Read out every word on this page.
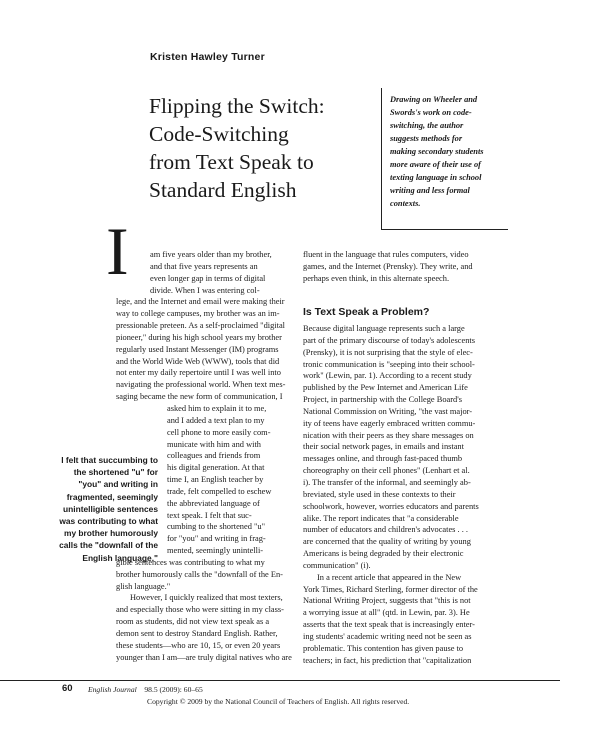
Kristen Hawley Turner
Flipping the Switch:
Code-Switching
from Text Speak to
Standard English
Drawing on Wheeler and
Swords's work on code-
switching, the author
suggests methods for
making secondary students
more aware of their use of
texting language in school
writing and less formal
contexts.
I	am five years older than my brother,
and that five years represents an
even longer gap in terms of digital
divide. When I was entering col-
lege, and the Internet and email were making their
way to college campuses, my brother was an im-
pressionable preteen. As a self-proclaimed "digital
pioneer," during his high school years my brother
regularly used Instant Messenger (IM) programs
and the World Wide Web (WWW), tools that did
not enter my daily repertoire until I was well into
navigating the professional world. When text mes-
saging became the new form of communication, I
asked him to explain it to me,
and I added a text plan to my
cell phone to more easily com-
municate with him and with
colleagues and friends from
his digital generation. At that
time I, an English teacher by
trade, felt compelled to eschew
the abbreviated language of
text speak. I felt that suc-
cumbing to the shortened "u"
for "you" and writing in frag-
mented, seemingly unintelli-
gible sentences was contributing to what my
brother humorously calls the "downfall of the En-
glish language."
However, I quickly realized that most texters,
and especially those who were sitting in my class-
room as students, did not view text speak as a
demon sent to destroy Standard English. Rather,
these students—who are 10, 15, or even 20 years
younger than I am—are truly digital natives who are
fluent in the language that rules computers, video
games, and the Internet (Prensky). They write, and
perhaps even think, in this alternate speech.
Is Text Speak a Problem?
Because digital language represents such a large
part of the primary discourse of today's adolescents
(Prensky), it is not surprising that the style of elec-
tronic communication is "seeping into their school-
work" (Lewin, par. 1). According to a recent study
published by the Pew Internet and American Life
Project, in partnership with the College Board's
National Commission on Writing, "the vast major-
ity of teens have eagerly embraced written commu-
nication with their peers as they share messages on
their social network pages, in emails and instant
messages online, and through fast-paced thumb
choreography on their cell phones" (Lenhart et al.
i). The transfer of the informal, and seemingly ab-
breviated, style used in these contexts to their
schoolwork, however, worries educators and parents
alike. The report indicates that "a considerable
number of educators and children's advocates . . .
are concerned that the quality of writing by young
Americans is being degraded by their electronic
communication" (i).
In a recent article that appeared in the New
York Times, Richard Sterling, former director of the
National Writing Project, suggests that "this is not
a worrying issue at all" (qtd. in Lewin, par. 3). He
asserts that the text speak that is increasingly enter-
ing students' academic writing need not be seen as
problematic. This contention has given pause to
teachers; in fact, his prediction that "capitalization
I felt that succumbing to
the shortened "u" for
"you" and writing in
fragmented, seemingly
unintelligible sentences
was contributing to what
my brother humorously
calls the "downfall of the
English language."
60 English Journal 98.5 (2009): 60–65
Copyright © 2009 by the National Council of Teachers of English. All rights reserved.
